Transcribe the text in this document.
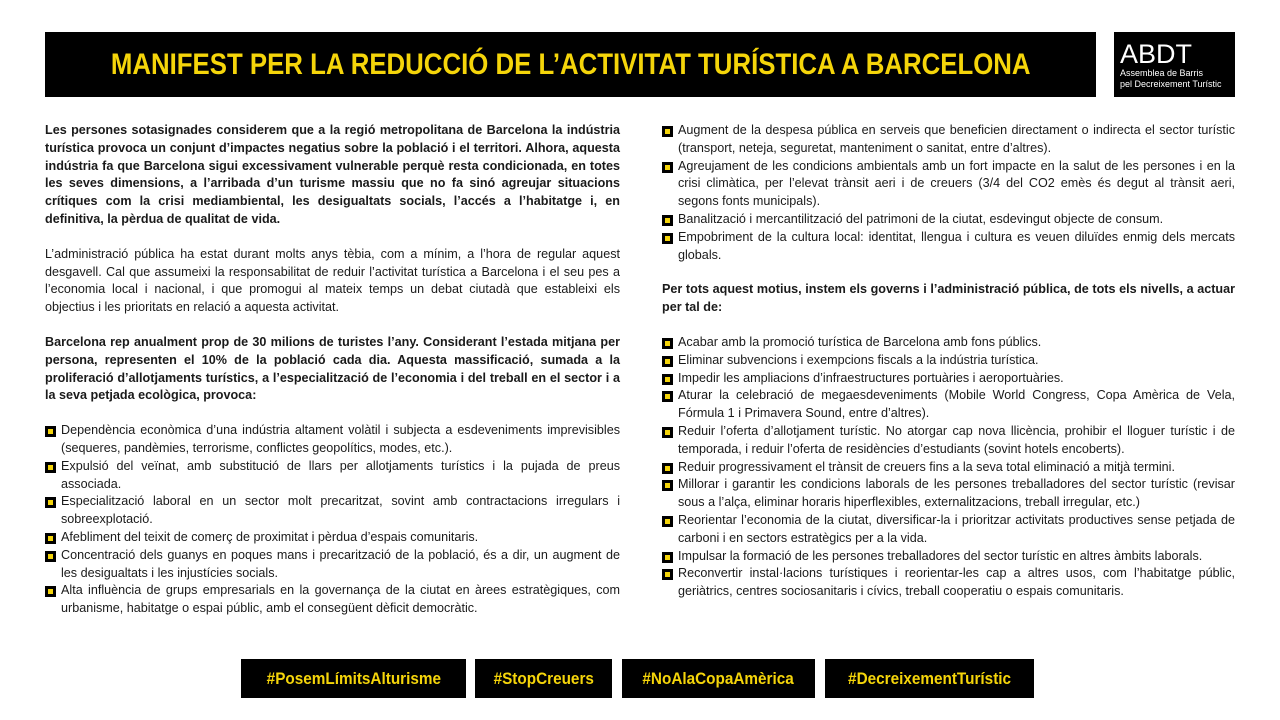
MANIFEST PER LA REDUCCIÓ DE L’ACTIVITAT TURÍSTICA A BARCELONA	ABDT
Assemblea de Barris
pel Decreixement Turístic

Les persones sotasignades considerem que a la regió metropolitana de Barcelona la indústria turística provoca un conjunt d’impactes negatius sobre la població i el territori. Alhora, aquesta indústria fa que Barcelona sigui excessivament vulnerable perquè resta condicionada, en totes les seves dimensions, a l’arribada d’un turisme massiu que no fa sinó agreujar situacions crítiques com la crisi mediambiental, les desigualtats socials, l’accés a l’habitatge i, en definitiva, la pèrdua de qualitat de vida.

L’administració pública ha estat durant molts anys tèbia, com a mínim, a l’hora de regular aquest desgavell. Cal que assumeixi la responsabilitat de reduir l’activitat turística a Barcelona i el seu pes a l’economia local i nacional, i que promogui al mateix temps un debat ciutadà que estableixi els objectius i les prioritats en relació a aquesta activitat.

Barcelona rep anualment prop de 30 milions de turistes l’any. Considerant l’estada mitjana per persona, representen el 10% de la població cada dia. Aquesta massificació, sumada a la proliferació d’allotjaments turístics, a l’especialització de l’economia i del treball en el sector i a la seva petjada ecològica, provoca:

Dependència econòmica d’una indústria altament volàtil i subjecta a esdeveniments imprevisibles (sequeres, pandèmies, terrorisme, conflictes geopolítics, modes, etc.).
Expulsió del veïnat, amb substitució de llars per allotjaments turístics i la pujada de preus associada.
Especialització laboral en un sector molt precaritzat, sovint amb contractacions irregulars i sobreexplotació.
Afebliment del teixit de comerç de proximitat i pèrdua d’espais comunitaris.
Concentració dels guanys en poques mans i precarització de la població, és a dir, un augment de les desigualtats i les injustícies socials.
Alta influència de grups empresarials en la governança de la ciutat en àrees estratègiques, com urbanisme, habitatge o espai públic, amb el consegüent dèficit democràtic.
Augment de la despesa pública en serveis que beneficien directament o indirecta el sector turístic (transport, neteja, seguretat, manteniment o sanitat, entre d’altres).
Agreujament de les condicions ambientals amb un fort impacte en la salut de les persones i en la crisi climàtica, per l’elevat trànsit aeri i de creuers (3/4 del CO2 emès és degut al trànsit aeri, segons fonts municipals).
Banalització i mercantilització del patrimoni de la ciutat, esdevingut objecte de consum.
Empobriment de la cultura local: identitat, llengua i cultura es veuen diluïdes enmig dels mercats globals.

Per tots aquest motius, instem els governs i l’administració pública, de tots els nivells, a actuar per tal de:

Acabar amb la promoció turística de Barcelona amb fons públics.
Eliminar subvencions i exempcions fiscals a la indústria turística.
Impedir les ampliacions d’infraestructures portuàries i aeroportuàries.
Aturar la celebració de megaesdeveniments (Mobile World Congress, Copa Amèrica de Vela, Fórmula 1 i Primavera Sound, entre d’altres).
Reduir l’oferta d’allotjament turístic. No atorgar cap nova llicència, prohibir el lloguer turístic i de temporada, i reduir l’oferta de residències d’estudiants (sovint hotels encoberts).
Reduir progressivament el trànsit de creuers fins a la seva total eliminació a mitjà termini.
Millorar i garantir les condicions laborals de les persones treballadores del sector turístic (revisar sous a l’alça, eliminar horaris hiperflexibles, externalitzacions, treball irregular, etc.)
Reorientar l’economia de la ciutat, diversificar-la i prioritzar activitats productives sense petjada de carboni i en sectors estratègics per a la vida.
Impulsar la formació de les persones treballadores del sector turístic en altres àmbits laborals.
Reconvertir instal·lacions turístiques i reorientar-les cap a altres usos, com l’habitatge públic, geriàtrics, centres sociosanitaris i cívics, treball cooperatiu o espais comunitaris.
#PosemLímitsAlturisme	#StopCreuers	#NoAlaCopaAmèrica	#DecreixementTurístic
